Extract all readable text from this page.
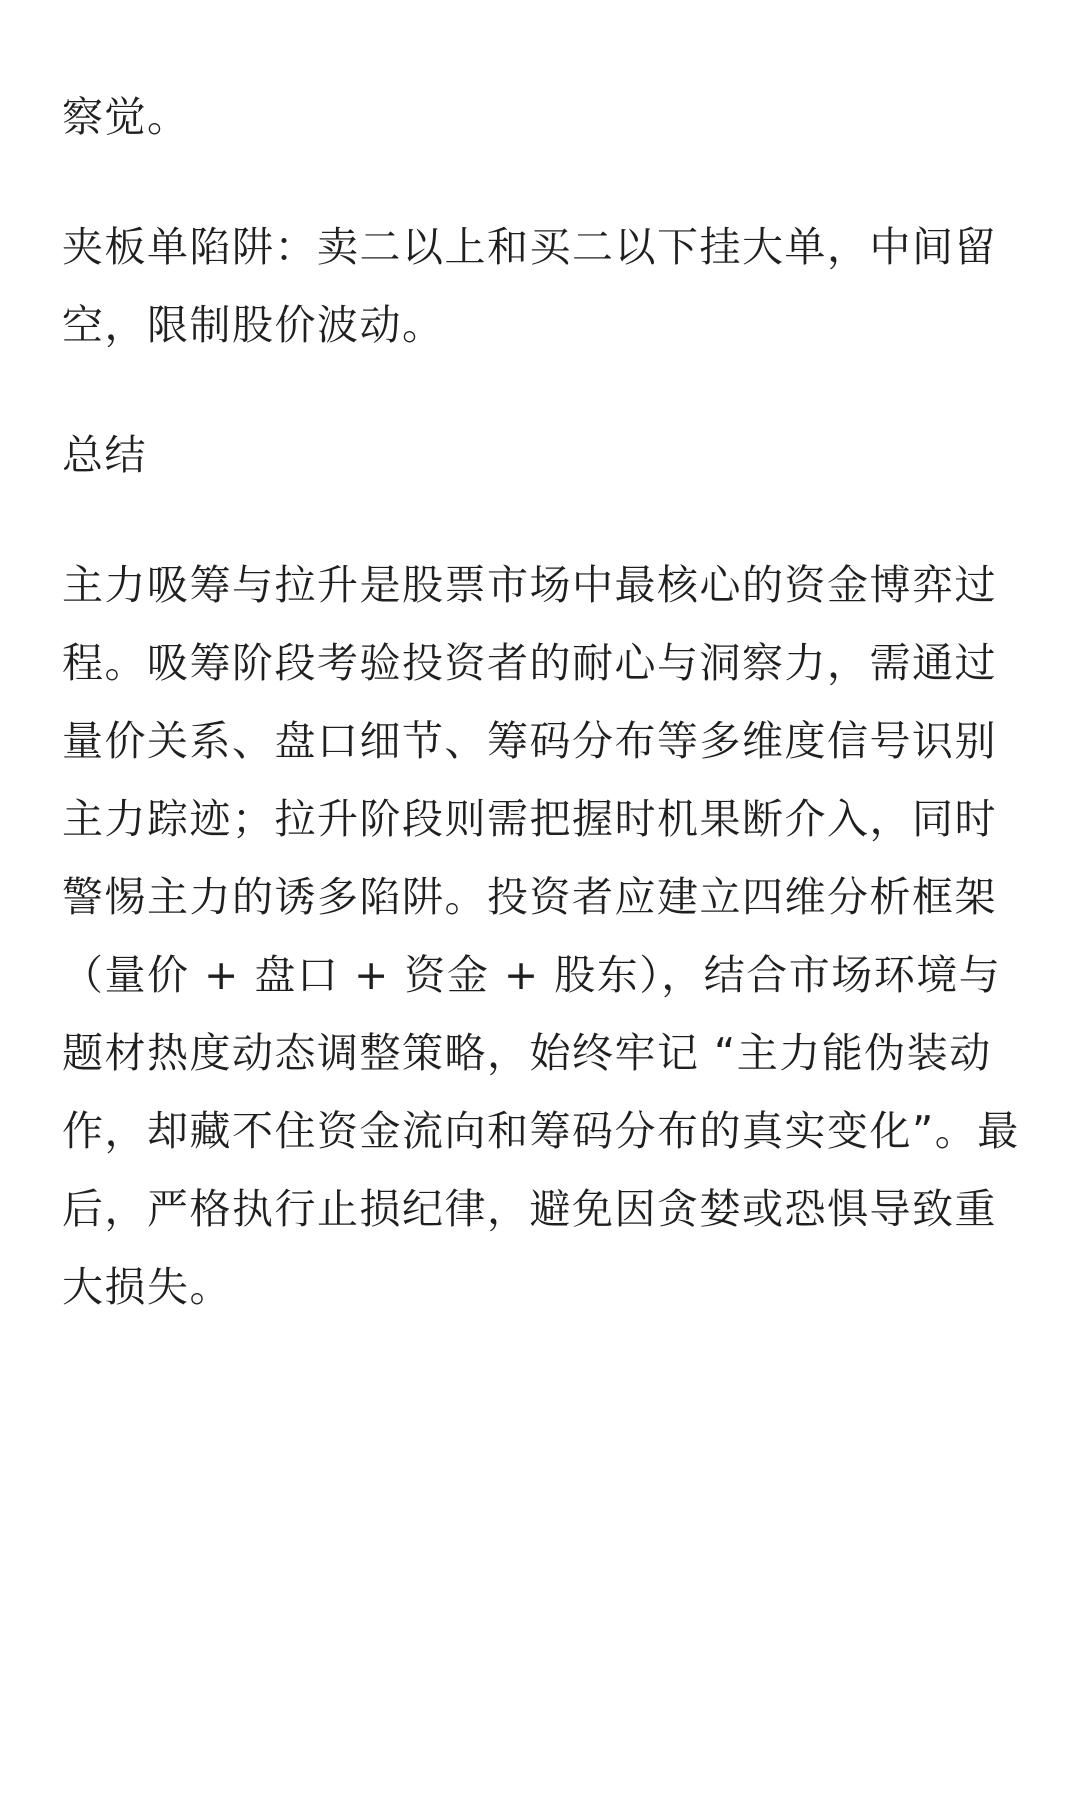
察觉。

夹板单陷阱：卖二以上和买二以下挂大单，中间留空，限制股价波动。

总结

主力吸筹与拉升是股票市场中最核心的资金博弈过程。吸筹阶段考验投资者的耐心与洞察力，需通过量价关系、盘口细节、筹码分布等多维度信号识别主力踪迹；拉升阶段则需把握时机果断介入，同时警惕主力的诱多陷阱。投资者应建立四维分析框架（量价 + 盘口 + 资金 + 股东），结合市场环境与题材热度动态调整策略，始终牢记 “主力能伪装动作，却藏不住资金流向和筹码分布的真实变化”。最后，严格执行止损纪律，避免因贪婪或恐惧导致重大损失。
